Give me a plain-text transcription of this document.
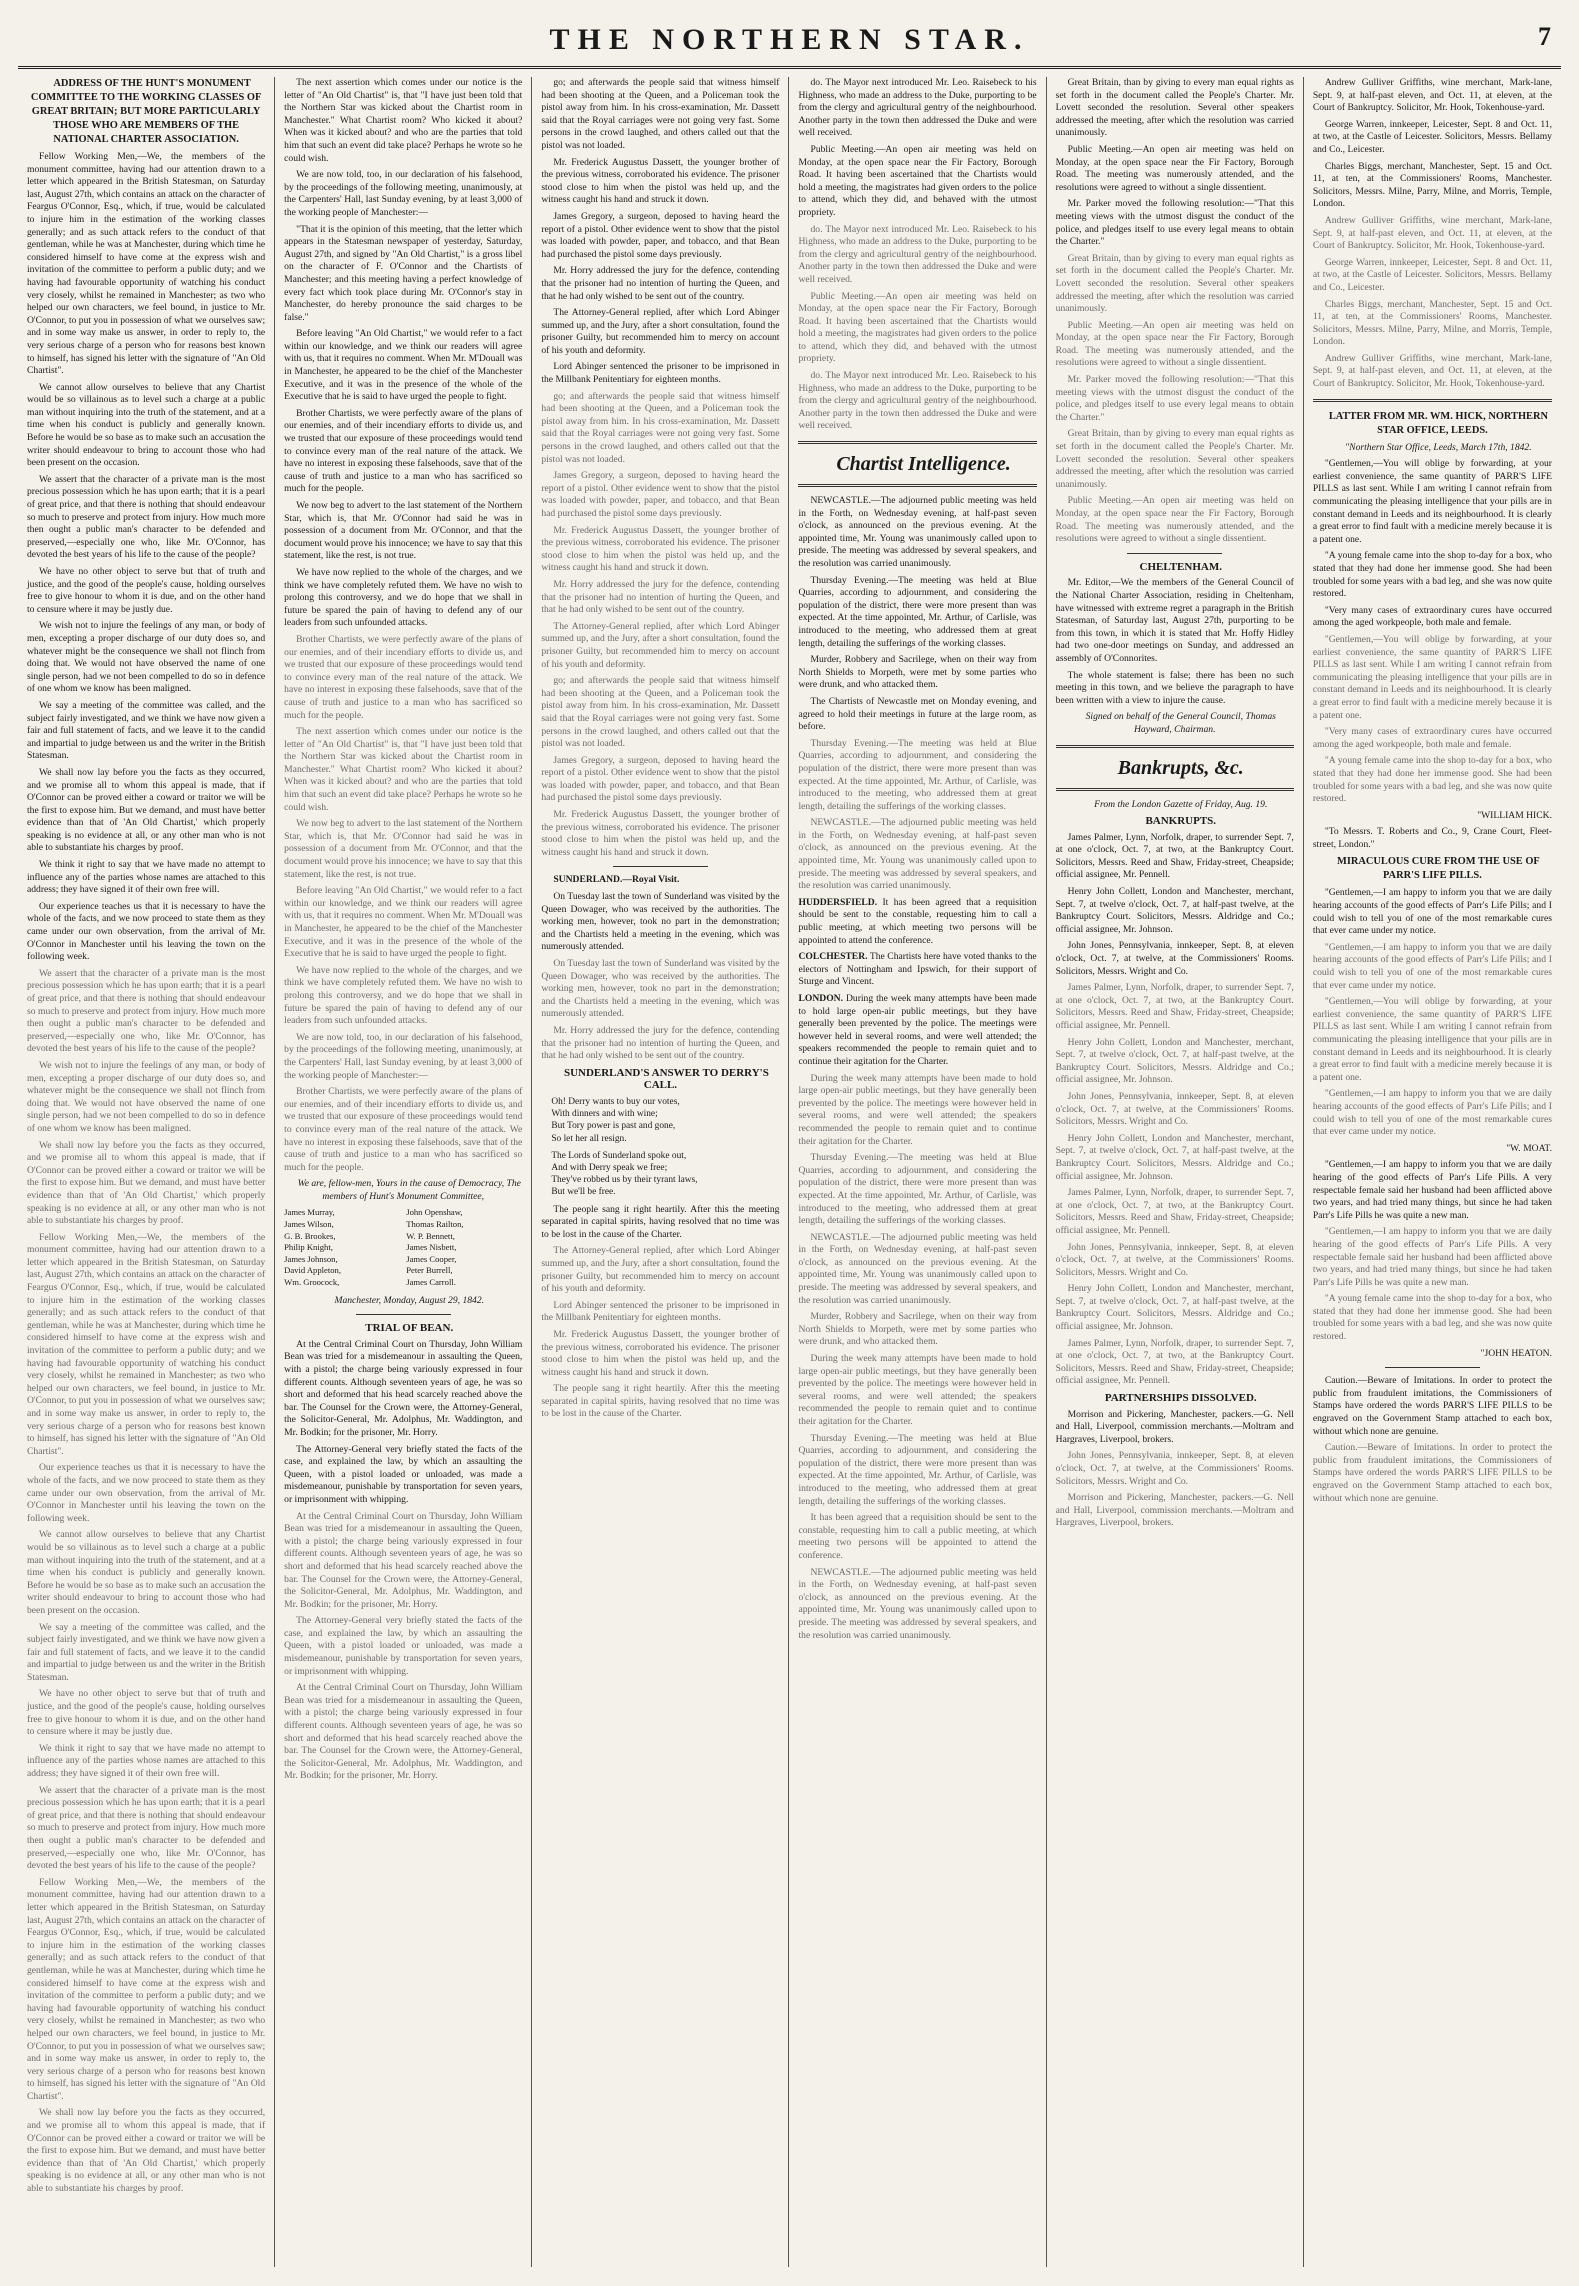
THE NORTHERN STAR.	7

ADDRESS OF THE HUNT'S MONUMENT COMMITTEE TO THE WORKING CLASSES OF GREAT BRITAIN; BUT MORE PARTICULARLY THOSE WHO ARE MEMBERS OF THE NATIONAL CHARTER ASSOCIATION.

Fellow Working Men,—We, the members of the monument committee, having had our attention drawn to a letter which appeared in the British Statesman, on Saturday last, August 27th, which contains an attack on the character of Feargus O'Connor, Esq., which, if true, would be calculated to injure him in the estimation of the working classes generally; and as such attack refers to the conduct of that gentleman, while he was at Manchester, during which time he considered himself to have come at the express wish and invitation of the committee to perform a public duty; and we having had favourable opportunity of watching his conduct very closely, whilst he remained in Manchester; as two who helped our own characters, we feel bound, in justice to Mr. O'Connor, to put you in possession of what we ourselves saw; and in some way make us answer, in order to reply to, the very serious charge of a person who for reasons best known to himself, has signed his letter with the signature of "An Old Chartist".

We cannot allow ourselves to believe that any Chartist would be so villainous as to level such a charge at a public man without inquiring into the truth of the statement, and at a time when his conduct is publicly and generally known. Before he would be so base as to make such an accusation the writer should endeavour to bring to account those who had been present on the occasion.

We assert that the character of a private man is the most precious possession which he has upon earth; that it is a pearl of great price, and that there is nothing that should endeavour so much to preserve and protect from injury. How much more then ought a public man's character to be defended and preserved,—especially one who, like Mr. O'Connor, has devoted the best years of his life to the cause of the people?

We have no other object to serve but that of truth and justice, and the good of the people's cause, holding ourselves free to give honour to whom it is due, and on the other hand to censure where it may be justly due.

We wish not to injure the feelings of any man, or body of men, excepting a proper discharge of our duty does so, and whatever might be the consequence we shall not flinch from doing that. We would not have observed the name of one single person, had we not been compelled to do so in defence of one whom we know has been maligned.

We say a meeting of the committee was called, and the subject fairly investigated, and we think we have now given a fair and full statement of facts, and we leave it to the candid and impartial to judge between us and the writer in the British Statesman.

We shall now lay before you the facts as they occurred, and we promise all to whom this appeal is made, that if O'Connor can be proved either a coward or traitor we will be the first to expose him. But we demand, and must have better evidence than that of 'An Old Chartist,' which properly speaking is no evidence at all, or any other man who is not able to substantiate his charges by proof.

We think it right to say that we have made no attempt to influence any of the parties whose names are attached to this address; they have signed it of their own free will.

Our experience teaches us that it is necessary to have the whole of the facts, and we now proceed to state them as they came under our own observation, from the arrival of Mr. O'Connor in Manchester until his leaving the town on the following week.

We assert that the character of a private man is the most precious possession which he has upon earth; that it is a pearl of great price, and that there is nothing that should endeavour so much to preserve and protect from injury. How much more then ought a public man's character to be defended and preserved,—especially one who, like Mr. O'Connor, has devoted the best years of his life to the cause of the people?

We wish not to injure the feelings of any man, or body of men, excepting a proper discharge of our duty does so, and whatever might be the consequence we shall not flinch from doing that. We would not have observed the name of one single person, had we not been compelled to do so in defence of one whom we know has been maligned.

We shall now lay before you the facts as they occurred, and we promise all to whom this appeal is made, that if O'Connor can be proved either a coward or traitor we will be the first to expose him. But we demand, and must have better evidence than that of 'An Old Chartist,' which properly speaking is no evidence at all, or any other man who is not able to substantiate his charges by proof.

Fellow Working Men,—We, the members of the monument committee, having had our attention drawn to a letter which appeared in the British Statesman, on Saturday last, August 27th, which contains an attack on the character of Feargus O'Connor, Esq., which, if true, would be calculated to injure him in the estimation of the working classes generally; and as such attack refers to the conduct of that gentleman, while he was at Manchester, during which time he considered himself to have come at the express wish and invitation of the committee to perform a public duty; and we having had favourable opportunity of watching his conduct very closely, whilst he remained in Manchester; as two who helped our own characters, we feel bound, in justice to Mr. O'Connor, to put you in possession of what we ourselves saw; and in some way make us answer, in order to reply to, the very serious charge of a person who for reasons best known to himself, has signed his letter with the signature of "An Old Chartist".

Our experience teaches us that it is necessary to have the whole of the facts, and we now proceed to state them as they came under our own observation, from the arrival of Mr. O'Connor in Manchester until his leaving the town on the following week.

We cannot allow ourselves to believe that any Chartist would be so villainous as to level such a charge at a public man without inquiring into the truth of the statement, and at a time when his conduct is publicly and generally known. Before he would be so base as to make such an accusation the writer should endeavour to bring to account those who had been present on the occasion.

We say a meeting of the committee was called, and the subject fairly investigated, and we think we have now given a fair and full statement of facts, and we leave it to the candid and impartial to judge between us and the writer in the British Statesman.

We have no other object to serve but that of truth and justice, and the good of the people's cause, holding ourselves free to give honour to whom it is due, and on the other hand to censure where it may be justly due.

We think it right to say that we have made no attempt to influence any of the parties whose names are attached to this address; they have signed it of their own free will.

We assert that the character of a private man is the most precious possession which he has upon earth; that it is a pearl of great price, and that there is nothing that should endeavour so much to preserve and protect from injury. How much more then ought a public man's character to be defended and preserved,—especially one who, like Mr. O'Connor, has devoted the best years of his life to the cause of the people?

Fellow Working Men,—We, the members of the monument committee, having had our attention drawn to a letter which appeared in the British Statesman, on Saturday last, August 27th, which contains an attack on the character of Feargus O'Connor, Esq., which, if true, would be calculated to injure him in the estimation of the working classes generally; and as such attack refers to the conduct of that gentleman, while he was at Manchester, during which time he considered himself to have come at the express wish and invitation of the committee to perform a public duty; and we having had favourable opportunity of watching his conduct very closely, whilst he remained in Manchester; as two who helped our own characters, we feel bound, in justice to Mr. O'Connor, to put you in possession of what we ourselves saw; and in some way make us answer, in order to reply to, the very serious charge of a person who for reasons best known to himself, has signed his letter with the signature of "An Old Chartist".

We shall now lay before you the facts as they occurred, and we promise all to whom this appeal is made, that if O'Connor can be proved either a coward or traitor we will be the first to expose him. But we demand, and must have better evidence than that of 'An Old Chartist,' which properly speaking is no evidence at all, or any other man who is not able to substantiate his charges by proof.

The next assertion which comes under our notice is the letter of "An Old Chartist" is, that "I have just been told that the Northern Star was kicked about the Chartist room in Manchester." What Chartist room? Who kicked it about? When was it kicked about? and who are the parties that told him that such an event did take place? Perhaps he wrote so he could wish.

We are now told, too, in our declaration of his falsehood, by the proceedings of the following meeting, unanimously, at the Carpenters' Hall, last Sunday evening, by at least 3,000 of the working people of Manchester:—

"That it is the opinion of this meeting, that the letter which appears in the Statesman newspaper of yesterday, Saturday, August 27th, and signed by "An Old Chartist," is a gross libel on the character of F. O'Connor and the Chartists of Manchester; and this meeting having a perfect knowledge of every fact which took place during Mr. O'Connor's stay in Manchester, do hereby pronounce the said charges to be false."

Before leaving "An Old Chartist," we would refer to a fact within our knowledge, and we think our readers will agree with us, that it requires no comment. When Mr. M'Douall was in Manchester, he appeared to be the chief of the Manchester Executive, and it was in the presence of the whole of the Executive that he is said to have urged the people to fight.

Brother Chartists, we were perfectly aware of the plans of our enemies, and of their incendiary efforts to divide us, and we trusted that our exposure of these proceedings would tend to convince every man of the real nature of the attack. We have no interest in exposing these falsehoods, save that of the cause of truth and justice to a man who has sacrificed so much for the people.

We now beg to advert to the last statement of the Northern Star, which is, that Mr. O'Connor had said he was in possession of a document from Mr. O'Connor, and that the document would prove his innocence; we have to say that this statement, like the rest, is not true.

We have now replied to the whole of the charges, and we think we have completely refuted them. We have no wish to prolong this controversy, and we do hope that we shall in future be spared the pain of having to defend any of our leaders from such unfounded attacks.

Brother Chartists, we were perfectly aware of the plans of our enemies, and of their incendiary efforts to divide us, and we trusted that our exposure of these proceedings would tend to convince every man of the real nature of the attack. We have no interest in exposing these falsehoods, save that of the cause of truth and justice to a man who has sacrificed so much for the people.

The next assertion which comes under our notice is the letter of "An Old Chartist" is, that "I have just been told that the Northern Star was kicked about the Chartist room in Manchester." What Chartist room? Who kicked it about? When was it kicked about? and who are the parties that told him that such an event did take place? Perhaps he wrote so he could wish.

We now beg to advert to the last statement of the Northern Star, which is, that Mr. O'Connor had said he was in possession of a document from Mr. O'Connor, and that the document would prove his innocence; we have to say that this statement, like the rest, is not true.

Before leaving "An Old Chartist," we would refer to a fact within our knowledge, and we think our readers will agree with us, that it requires no comment. When Mr. M'Douall was in Manchester, he appeared to be the chief of the Manchester Executive, and it was in the presence of the whole of the Executive that he is said to have urged the people to fight.

We have now replied to the whole of the charges, and we think we have completely refuted them. We have no wish to prolong this controversy, and we do hope that we shall in future be spared the pain of having to defend any of our leaders from such unfounded attacks.

We are now told, too, in our declaration of his falsehood, by the proceedings of the following meeting, unanimously, at the Carpenters' Hall, last Sunday evening, by at least 3,000 of the working people of Manchester:—

Brother Chartists, we were perfectly aware of the plans of our enemies, and of their incendiary efforts to divide us, and we trusted that our exposure of these proceedings would tend to convince every man of the real nature of the attack. We have no interest in exposing these falsehoods, save that of the cause of truth and justice to a man who has sacrificed so much for the people.

We are, fellow-men, Yours in the cause of Democracy, The members of Hunt's Monument Committee,

James Murray,	John Openshaw,
James Wilson,	Thomas Railton,
G. B. Brookes,	W. P. Bennett,
Philip Knight,	James Nisbett,
James Johnson,	James Cooper,
David Appleton,	Peter Burrell,
Wm. Groocock,	James Carroll.

Manchester, Monday, August 29, 1842.

TRIAL OF BEAN.

At the Central Criminal Court on Thursday, John William Bean was tried for a misdemeanour in assaulting the Queen, with a pistol; the charge being variously expressed in four different counts. Although seventeen years of age, he was so short and deformed that his head scarcely reached above the bar. The Counsel for the Crown were, the Attorney-General, the Solicitor-General, Mr. Adolphus, Mr. Waddington, and Mr. Bodkin; for the prisoner, Mr. Horry.

The Attorney-General very briefly stated the facts of the case, and explained the law, by which an assaulting the Queen, with a pistol loaded or unloaded, was made a misdemeanour, punishable by transportation for seven years, or imprisonment with whipping.

At the Central Criminal Court on Thursday, John William Bean was tried for a misdemeanour in assaulting the Queen, with a pistol; the charge being variously expressed in four different counts. Although seventeen years of age, he was so short and deformed that his head scarcely reached above the bar. The Counsel for the Crown were, the Attorney-General, the Solicitor-General, Mr. Adolphus, Mr. Waddington, and Mr. Bodkin; for the prisoner, Mr. Horry.

The Attorney-General very briefly stated the facts of the case, and explained the law, by which an assaulting the Queen, with a pistol loaded or unloaded, was made a misdemeanour, punishable by transportation for seven years, or imprisonment with whipping.

At the Central Criminal Court on Thursday, John William Bean was tried for a misdemeanour in assaulting the Queen, with a pistol; the charge being variously expressed in four different counts. Although seventeen years of age, he was so short and deformed that his head scarcely reached above the bar. The Counsel for the Crown were, the Attorney-General, the Solicitor-General, Mr. Adolphus, Mr. Waddington, and Mr. Bodkin; for the prisoner, Mr. Horry.

go; and afterwards the people said that witness himself had been shooting at the Queen, and a Policeman took the pistol away from him. In his cross-examination, Mr. Dassett said that the Royal carriages were not going very fast. Some persons in the crowd laughed, and others called out that the pistol was not loaded.

Mr. Frederick Augustus Dassett, the younger brother of the previous witness, corroborated his evidence. The prisoner stood close to him when the pistol was held up, and the witness caught his hand and struck it down.

James Gregory, a surgeon, deposed to having heard the report of a pistol. Other evidence went to show that the pistol was loaded with powder, paper, and tobacco, and that Bean had purchased the pistol some days previously.

Mr. Horry addressed the jury for the defence, contending that the prisoner had no intention of hurting the Queen, and that he had only wished to be sent out of the country.

The Attorney-General replied, after which Lord Abinger summed up, and the Jury, after a short consultation, found the prisoner Guilty, but recommended him to mercy on account of his youth and deformity.

Lord Abinger sentenced the prisoner to be imprisoned in the Millbank Penitentiary for eighteen months.

go; and afterwards the people said that witness himself had been shooting at the Queen, and a Policeman took the pistol away from him. In his cross-examination, Mr. Dassett said that the Royal carriages were not going very fast. Some persons in the crowd laughed, and others called out that the pistol was not loaded.

James Gregory, a surgeon, deposed to having heard the report of a pistol. Other evidence went to show that the pistol was loaded with powder, paper, and tobacco, and that Bean had purchased the pistol some days previously.

Mr. Frederick Augustus Dassett, the younger brother of the previous witness, corroborated his evidence. The prisoner stood close to him when the pistol was held up, and the witness caught his hand and struck it down.

Mr. Horry addressed the jury for the defence, contending that the prisoner had no intention of hurting the Queen, and that he had only wished to be sent out of the country.

The Attorney-General replied, after which Lord Abinger summed up, and the Jury, after a short consultation, found the prisoner Guilty, but recommended him to mercy on account of his youth and deformity.

go; and afterwards the people said that witness himself had been shooting at the Queen, and a Policeman took the pistol away from him. In his cross-examination, Mr. Dassett said that the Royal carriages were not going very fast. Some persons in the crowd laughed, and others called out that the pistol was not loaded.

James Gregory, a surgeon, deposed to having heard the report of a pistol. Other evidence went to show that the pistol was loaded with powder, paper, and tobacco, and that Bean had purchased the pistol some days previously.

Mr. Frederick Augustus Dassett, the younger brother of the previous witness, corroborated his evidence. The prisoner stood close to him when the pistol was held up, and the witness caught his hand and struck it down.

SUNDERLAND.—Royal Visit.

On Tuesday last the town of Sunderland was visited by the Queen Dowager, who was received by the authorities. The working men, however, took no part in the demonstration; and the Chartists held a meeting in the evening, which was numerously attended.

On Tuesday last the town of Sunderland was visited by the Queen Dowager, who was received by the authorities. The working men, however, took no part in the demonstration; and the Chartists held a meeting in the evening, which was numerously attended.

Mr. Horry addressed the jury for the defence, contending that the prisoner had no intention of hurting the Queen, and that he had only wished to be sent out of the country.

SUNDERLAND'S ANSWER TO DERRY'S CALL.

Oh! Derry wants to buy our votes,
With dinners and with wine;
But Tory power is past and gone,
So let her all resign.
The Lords of Sunderland spoke out,
And with Derry speak we free;
They've robbed us by their tyrant laws,
But we'll be free.

The people sang it right heartily. After this the meeting separated in capital spirits, having resolved that no time was to be lost in the cause of the Charter.

The Attorney-General replied, after which Lord Abinger summed up, and the Jury, after a short consultation, found the prisoner Guilty, but recommended him to mercy on account of his youth and deformity.

Lord Abinger sentenced the prisoner to be imprisoned in the Millbank Penitentiary for eighteen months.

Mr. Frederick Augustus Dassett, the younger brother of the previous witness, corroborated his evidence. The prisoner stood close to him when the pistol was held up, and the witness caught his hand and struck it down.

The people sang it right heartily. After this the meeting separated in capital spirits, having resolved that no time was to be lost in the cause of the Charter.

do. The Mayor next introduced Mr. Leo. Raisebeck to his Highness, who made an address to the Duke, purporting to be from the clergy and agricultural gentry of the neighbourhood. Another party in the town then addressed the Duke and were well received.

Public Meeting.—An open air meeting was held on Monday, at the open space near the Fir Factory, Borough Road. It having been ascertained that the Chartists would hold a meeting, the magistrates had given orders to the police to attend, which they did, and behaved with the utmost propriety.

do. The Mayor next introduced Mr. Leo. Raisebeck to his Highness, who made an address to the Duke, purporting to be from the clergy and agricultural gentry of the neighbourhood. Another party in the town then addressed the Duke and were well received.

Public Meeting.—An open air meeting was held on Monday, at the open space near the Fir Factory, Borough Road. It having been ascertained that the Chartists would hold a meeting, the magistrates had given orders to the police to attend, which they did, and behaved with the utmost propriety.

do. The Mayor next introduced Mr. Leo. Raisebeck to his Highness, who made an address to the Duke, purporting to be from the clergy and agricultural gentry of the neighbourhood. Another party in the town then addressed the Duke and were well received.

Chartist Intelligence.

NEWCASTLE.—The adjourned public meeting was held in the Forth, on Wednesday evening, at half-past seven o'clock, as announced on the previous evening. At the appointed time, Mr. Young was unanimously called upon to preside. The meeting was addressed by several speakers, and the resolution was carried unanimously.

Thursday Evening.—The meeting was held at Blue Quarries, according to adjournment, and considering the population of the district, there were more present than was expected. At the time appointed, Mr. Arthur, of Carlisle, was introduced to the meeting, who addressed them at great length, detailing the sufferings of the working classes.

Murder, Robbery and Sacrilege, when on their way from North Shields to Morpeth, were met by some parties who were drunk, and who attacked them.

The Chartists of Newcastle met on Monday evening, and agreed to hold their meetings in future at the large room, as before.

Thursday Evening.—The meeting was held at Blue Quarries, according to adjournment, and considering the population of the district, there were more present than was expected. At the time appointed, Mr. Arthur, of Carlisle, was introduced to the meeting, who addressed them at great length, detailing the sufferings of the working classes.

NEWCASTLE.—The adjourned public meeting was held in the Forth, on Wednesday evening, at half-past seven o'clock, as announced on the previous evening. At the appointed time, Mr. Young was unanimously called upon to preside. The meeting was addressed by several speakers, and the resolution was carried unanimously.

HUDDERSFIELD. It has been agreed that a requisition should be sent to the constable, requesting him to call a public meeting, at which meeting two persons will be appointed to attend the conference.

COLCHESTER. The Chartists here have voted thanks to the electors of Nottingham and Ipswich, for their support of Sturge and Vincent.

LONDON. During the week many attempts have been made to hold large open-air public meetings, but they have generally been prevented by the police. The meetings were however held in several rooms, and were well attended; the speakers recommended the people to remain quiet and to continue their agitation for the Charter.

During the week many attempts have been made to hold large open-air public meetings, but they have generally been prevented by the police. The meetings were however held in several rooms, and were well attended; the speakers recommended the people to remain quiet and to continue their agitation for the Charter.

Thursday Evening.—The meeting was held at Blue Quarries, according to adjournment, and considering the population of the district, there were more present than was expected. At the time appointed, Mr. Arthur, of Carlisle, was introduced to the meeting, who addressed them at great length, detailing the sufferings of the working classes.

NEWCASTLE.—The adjourned public meeting was held in the Forth, on Wednesday evening, at half-past seven o'clock, as announced on the previous evening. At the appointed time, Mr. Young was unanimously called upon to preside. The meeting was addressed by several speakers, and the resolution was carried unanimously.

Murder, Robbery and Sacrilege, when on their way from North Shields to Morpeth, were met by some parties who were drunk, and who attacked them.

During the week many attempts have been made to hold large open-air public meetings, but they have generally been prevented by the police. The meetings were however held in several rooms, and were well attended; the speakers recommended the people to remain quiet and to continue their agitation for the Charter.

Thursday Evening.—The meeting was held at Blue Quarries, according to adjournment, and considering the population of the district, there were more present than was expected. At the time appointed, Mr. Arthur, of Carlisle, was introduced to the meeting, who addressed them at great length, detailing the sufferings of the working classes.

It has been agreed that a requisition should be sent to the constable, requesting him to call a public meeting, at which meeting two persons will be appointed to attend the conference.

NEWCASTLE.—The adjourned public meeting was held in the Forth, on Wednesday evening, at half-past seven o'clock, as announced on the previous evening. At the appointed time, Mr. Young was unanimously called upon to preside. The meeting was addressed by several speakers, and the resolution was carried unanimously.

Great Britain, than by giving to every man equal rights as set forth in the document called the People's Charter. Mr. Lovett seconded the resolution. Several other speakers addressed the meeting, after which the resolution was carried unanimously.

Public Meeting.—An open air meeting was held on Monday, at the open space near the Fir Factory, Borough Road. The meeting was numerously attended, and the resolutions were agreed to without a single dissentient.

Mr. Parker moved the following resolution:—"That this meeting views with the utmost disgust the conduct of the police, and pledges itself to use every legal means to obtain the Charter."

Great Britain, than by giving to every man equal rights as set forth in the document called the People's Charter. Mr. Lovett seconded the resolution. Several other speakers addressed the meeting, after which the resolution was carried unanimously.

Public Meeting.—An open air meeting was held on Monday, at the open space near the Fir Factory, Borough Road. The meeting was numerously attended, and the resolutions were agreed to without a single dissentient.

Mr. Parker moved the following resolution:—"That this meeting views with the utmost disgust the conduct of the police, and pledges itself to use every legal means to obtain the Charter."

Great Britain, than by giving to every man equal rights as set forth in the document called the People's Charter. Mr. Lovett seconded the resolution. Several other speakers addressed the meeting, after which the resolution was carried unanimously.

Public Meeting.—An open air meeting was held on Monday, at the open space near the Fir Factory, Borough Road. The meeting was numerously attended, and the resolutions were agreed to without a single dissentient.

CHELTENHAM.

Mr. Editor,—We the members of the General Council of the National Charter Association, residing in Cheltenham, have witnessed with extreme regret a paragraph in the British Statesman, of Saturday last, August 27th, purporting to be from this town, in which it is stated that Mr. Hoffy Hidley had two one-door meetings on Sunday, and addressed an assembly of O'Connorites.

The whole statement is false; there has been no such meeting in this town, and we believe the paragraph to have been written with a view to injure the cause.

Signed on behalf of the General Council, Thomas Hayward, Chairman.

Bankrupts, &c.

From the London Gazette of Friday, Aug. 19.

BANKRUPTS.

James Palmer, Lynn, Norfolk, draper, to surrender Sept. 7, at one o'clock, Oct. 7, at two, at the Bankruptcy Court. Solicitors, Messrs. Reed and Shaw, Friday-street, Cheapside; official assignee, Mr. Pennell.

Henry John Collett, London and Manchester, merchant, Sept. 7, at twelve o'clock, Oct. 7, at half-past twelve, at the Bankruptcy Court. Solicitors, Messrs. Aldridge and Co.; official assignee, Mr. Johnson.

John Jones, Pennsylvania, innkeeper, Sept. 8, at eleven o'clock, Oct. 7, at twelve, at the Commissioners' Rooms. Solicitors, Messrs. Wright and Co.

James Palmer, Lynn, Norfolk, draper, to surrender Sept. 7, at one o'clock, Oct. 7, at two, at the Bankruptcy Court. Solicitors, Messrs. Reed and Shaw, Friday-street, Cheapside; official assignee, Mr. Pennell.

Henry John Collett, London and Manchester, merchant, Sept. 7, at twelve o'clock, Oct. 7, at half-past twelve, at the Bankruptcy Court. Solicitors, Messrs. Aldridge and Co.; official assignee, Mr. Johnson.

John Jones, Pennsylvania, innkeeper, Sept. 8, at eleven o'clock, Oct. 7, at twelve, at the Commissioners' Rooms. Solicitors, Messrs. Wright and Co.

Henry John Collett, London and Manchester, merchant, Sept. 7, at twelve o'clock, Oct. 7, at half-past twelve, at the Bankruptcy Court. Solicitors, Messrs. Aldridge and Co.; official assignee, Mr. Johnson.

James Palmer, Lynn, Norfolk, draper, to surrender Sept. 7, at one o'clock, Oct. 7, at two, at the Bankruptcy Court. Solicitors, Messrs. Reed and Shaw, Friday-street, Cheapside; official assignee, Mr. Pennell.

John Jones, Pennsylvania, innkeeper, Sept. 8, at eleven o'clock, Oct. 7, at twelve, at the Commissioners' Rooms. Solicitors, Messrs. Wright and Co.

Henry John Collett, London and Manchester, merchant, Sept. 7, at twelve o'clock, Oct. 7, at half-past twelve, at the Bankruptcy Court. Solicitors, Messrs. Aldridge and Co.; official assignee, Mr. Johnson.

James Palmer, Lynn, Norfolk, draper, to surrender Sept. 7, at one o'clock, Oct. 7, at two, at the Bankruptcy Court. Solicitors, Messrs. Reed and Shaw, Friday-street, Cheapside; official assignee, Mr. Pennell.

PARTNERSHIPS DISSOLVED.

Morrison and Pickering, Manchester, packers.—G. Nell and Hall, Liverpool, commission merchants.—Moltram and Hargraves, Liverpool, brokers.

John Jones, Pennsylvania, innkeeper, Sept. 8, at eleven o'clock, Oct. 7, at twelve, at the Commissioners' Rooms. Solicitors, Messrs. Wright and Co.

Morrison and Pickering, Manchester, packers.—G. Nell and Hall, Liverpool, commission merchants.—Moltram and Hargraves, Liverpool, brokers.

Andrew Gulliver Griffiths, wine merchant, Mark-lane, Sept. 9, at half-past eleven, and Oct. 11, at eleven, at the Court of Bankruptcy. Solicitor, Mr. Hook, Tokenhouse-yard.

George Warren, innkeeper, Leicester, Sept. 8 and Oct. 11, at two, at the Castle of Leicester. Solicitors, Messrs. Bellamy and Co., Leicester.

Charles Biggs, merchant, Manchester, Sept. 15 and Oct. 11, at ten, at the Commissioners' Rooms, Manchester. Solicitors, Messrs. Milne, Parry, Milne, and Morris, Temple, London.

Andrew Gulliver Griffiths, wine merchant, Mark-lane, Sept. 9, at half-past eleven, and Oct. 11, at eleven, at the Court of Bankruptcy. Solicitor, Mr. Hook, Tokenhouse-yard.

George Warren, innkeeper, Leicester, Sept. 8 and Oct. 11, at two, at the Castle of Leicester. Solicitors, Messrs. Bellamy and Co., Leicester.

Charles Biggs, merchant, Manchester, Sept. 15 and Oct. 11, at ten, at the Commissioners' Rooms, Manchester. Solicitors, Messrs. Milne, Parry, Milne, and Morris, Temple, London.

Andrew Gulliver Griffiths, wine merchant, Mark-lane, Sept. 9, at half-past eleven, and Oct. 11, at eleven, at the Court of Bankruptcy. Solicitor, Mr. Hook, Tokenhouse-yard.

LATTER FROM MR. WM. HICK, NORTHERN STAR OFFICE, LEEDS.

"Northern Star Office, Leeds, March 17th, 1842.

"Gentlemen,—You will oblige by forwarding, at your earliest convenience, the same quantity of PARR'S LIFE PILLS as last sent. While I am writing I cannot refrain from communicating the pleasing intelligence that your pills are in constant demand in Leeds and its neighbourhood. It is clearly a great error to find fault with a medicine merely because it is a patent one.

"A young female came into the shop to-day for a box, who stated that they had done her immense good. She had been troubled for some years with a bad leg, and she was now quite restored.

"Very many cases of extraordinary cures have occurred among the aged workpeople, both male and female.

"Gentlemen,—You will oblige by forwarding, at your earliest convenience, the same quantity of PARR'S LIFE PILLS as last sent. While I am writing I cannot refrain from communicating the pleasing intelligence that your pills are in constant demand in Leeds and its neighbourhood. It is clearly a great error to find fault with a medicine merely because it is a patent one.

"Very many cases of extraordinary cures have occurred among the aged workpeople, both male and female.

"A young female came into the shop to-day for a box, who stated that they had done her immense good. She had been troubled for some years with a bad leg, and she was now quite restored.

"WILLIAM HICK.

"To Messrs. T. Roberts and Co., 9, Crane Court, Fleet-street, London."

MIRACULOUS CURE FROM THE USE OF PARR'S LIFE PILLS.

"Gentlemen,—I am happy to inform you that we are daily hearing accounts of the good effects of Parr's Life Pills; and I could wish to tell you of one of the most remarkable cures that ever came under my notice.

"Gentlemen,—I am happy to inform you that we are daily hearing accounts of the good effects of Parr's Life Pills; and I could wish to tell you of one of the most remarkable cures that ever came under my notice.

"Gentlemen,—You will oblige by forwarding, at your earliest convenience, the same quantity of PARR'S LIFE PILLS as last sent. While I am writing I cannot refrain from communicating the pleasing intelligence that your pills are in constant demand in Leeds and its neighbourhood. It is clearly a great error to find fault with a medicine merely because it is a patent one.

"Gentlemen,—I am happy to inform you that we are daily hearing accounts of the good effects of Parr's Life Pills; and I could wish to tell you of one of the most remarkable cures that ever came under my notice.

"W. MOAT.

"Gentlemen,—I am happy to inform you that we are daily hearing of the good effects of Parr's Life Pills. A very respectable female said her husband had been afflicted above two years, and had tried many things, but since he had taken Parr's Life Pills he was quite a new man.

"Gentlemen,—I am happy to inform you that we are daily hearing of the good effects of Parr's Life Pills. A very respectable female said her husband had been afflicted above two years, and had tried many things, but since he had taken Parr's Life Pills he was quite a new man.

"A young female came into the shop to-day for a box, who stated that they had done her immense good. She had been troubled for some years with a bad leg, and she was now quite restored.

"JOHN HEATON.

Caution.—Beware of Imitations. In order to protect the public from fraudulent imitations, the Commissioners of Stamps have ordered the words PARR'S LIFE PILLS to be engraved on the Government Stamp attached to each box, without which none are genuine.

Caution.—Beware of Imitations. In order to protect the public from fraudulent imitations, the Commissioners of Stamps have ordered the words PARR'S LIFE PILLS to be engraved on the Government Stamp attached to each box, without which none are genuine.
